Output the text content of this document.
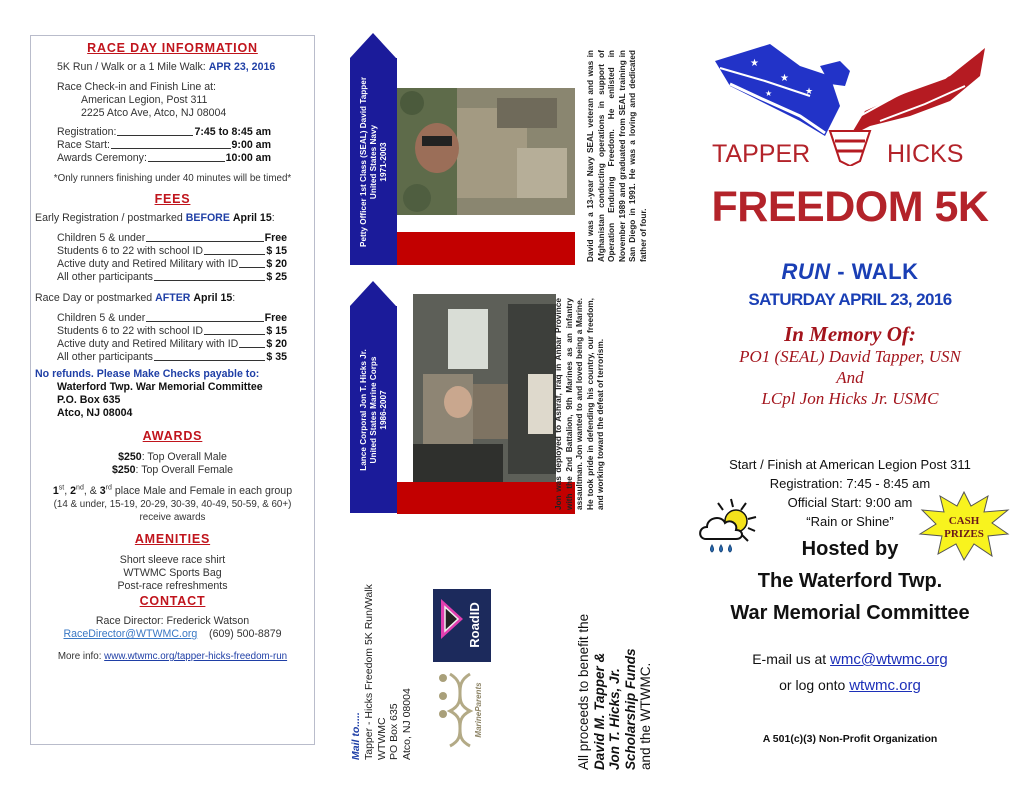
RACE DAY INFORMATION
5K Run / Walk or a 1 Mile Walk: APR 23, 2016
Race Check-in and Finish Line at:
American Legion, Post 311
2225 Atco Ave, Atco, NJ 08004
Registration:	7:45 to 8:45 am
Race Start:	9:00 am
Awards Ceremony:	10:00 am
*Only runners finishing under 40 minutes will be timed*
FEES
Early Registration / postmarked BEFORE April 15:
Children 5 & under	Free
Students 6 to 22 with school ID	$ 15
Active duty and Retired Military with ID	$ 20
All other participants	$ 25
Race Day or postmarked AFTER April 15:
Children 5 & under	Free
Students 6 to 22 with school ID	$ 15
Active duty and Retired Military with ID	$ 20
All other participants	$ 35
No refunds. Please Make Checks payable to:
Waterford Twp. War Memorial Committee
P.O. Box 635
Atco, NJ 08004
AWARDS
$250: Top Overall Male
$250: Top Overall Female
1st, 2nd, & 3rd place Male and Female in each group
(14 & under, 15-19, 20-29, 30-39, 40-49, 50-59, & 60+)
receive awards
AMENITIES
Short sleeve race shirt
WTWMC Sports Bag
Post-race refreshments
CONTACT
Race Director: Frederick Watson
RaceDirector@WTWMC.org (609) 500-8879
More info: www.wtwmc.org/tapper-hicks-freedom-run
Petty Officer 1st Class (SEAL) David Tapper United States Navy 1971-2003	David was a 13-year Navy SEAL veteran and was in Afghanistan conducting operations in support of Operation Enduring Freedom. He enlisted in November 1989 and graduated from SEAL training in San Diego in 1991. He was a loving and dedicated father of four.
Lance Corporal Jon T. Hicks Jr. United States Marine Corps 1986-2007	Jon was deployed to Ashraf, Iraq in Anbar Province with the 2nd Battalion, 9th Marines as an infantry assaultman. Jon wanted to and loved being a Marine. He took pride in defending his country, our freedom, and working toward the defeat of terrorism.
Mail to..... Tapper - Hicks Freedom 5K Run/Walk WTWMC PO Box 635 Atco, NJ 08004
RoadID
MarineParents	All proceeds to benefit the David M. Tapper & Jon T. Hicks, Jr. Scholarship Funds and the WTWMC.
★
★
★
★
TAPPER	HICKS
FREEDOM 5K
RUN - WALK
SATURDAY APRIL 23, 2016
In Memory Of:
PO1 (SEAL) David Tapper, USN
And
LCpl Jon Hicks Jr. USMC
Start / Finish at American Legion Post 311
Registration: 7:45 - 8:45 am
Official Start: 9:00 am
“Rain or Shine”	CASH
PRIZES
Hosted by
The Waterford Twp.
War Memorial Committee
E-mail us at wmc@wtwmc.org
or log onto wtwmc.org
A 501(c)(3) Non-Profit Organization
